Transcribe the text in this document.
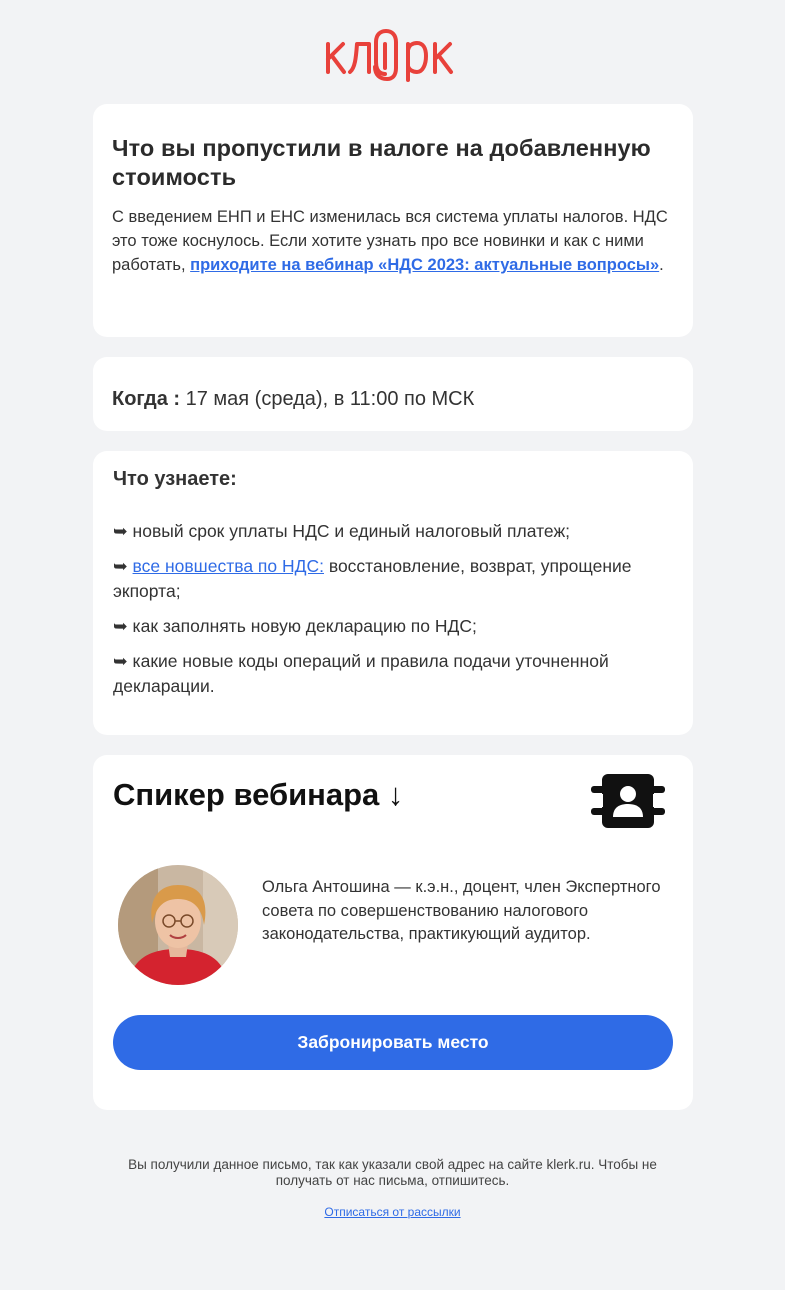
Что вы пропустили в налоге на добавленную стоимость

С введением ЕНП и ЕНС изменилась вся система уплаты налогов. НДС это тоже коснулось. Если хотите узнать про все новинки и как с ними работать, приходите на вебинар «НДС 2023: актуальные вопросы».

Когда : 17 мая (среда), в 11:00 по МСК
Что узнаете:
➥ новый срок уплаты НДС и единый налоговый платеж;
➥ все новшества по НДС: восстановление, возврат, упрощение экпорта;
➥ как заполнять новую декларацию по НДС;
➥ какие новые коды операций и правила подачи уточненной декларации.
Спикер вебинара ↓
Ольга Антошина — к.э.н., доцент, член Экспертного совета по совершенствованию налогового законодательства, практикующий аудитор.
Забронировать место
Вы получили данное письмо, так как указали свой адрес на сайте klerk.ru. Чтобы не получать от нас письма, отпишитесь.
Отписаться от рассылки
